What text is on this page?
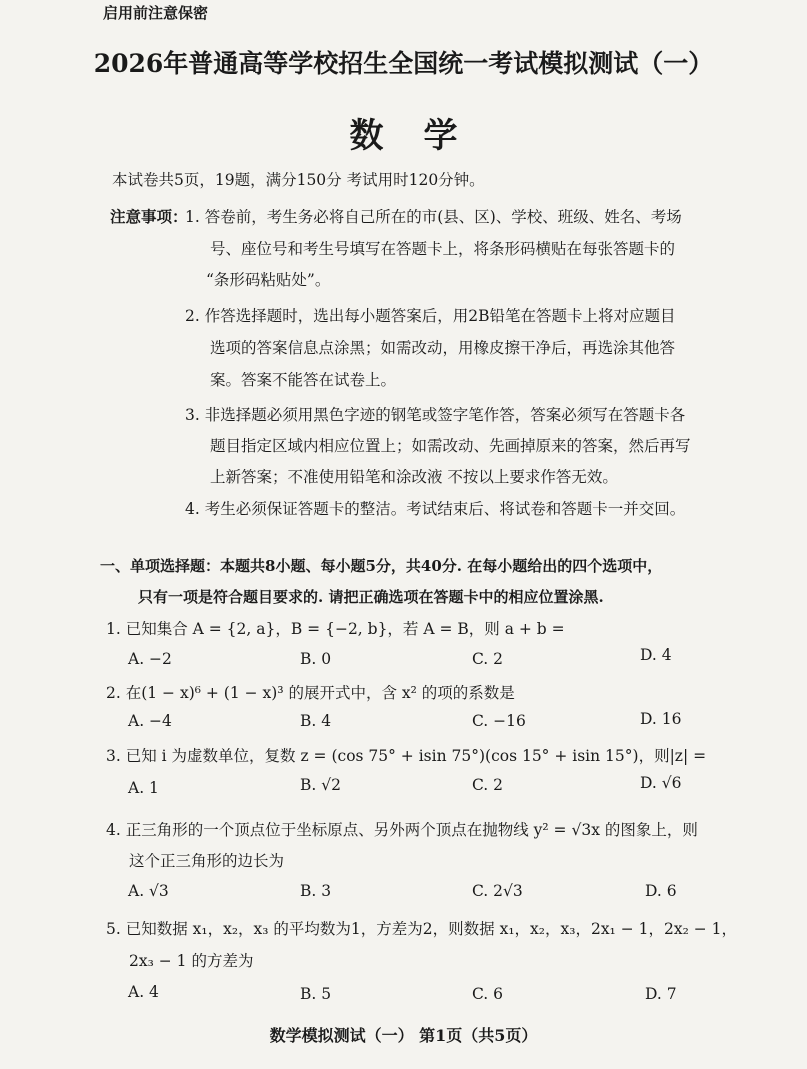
启用前注意保密
2026年普通高等学校招生全国统一考试模拟测试（一）
数学
本试卷共5页，19题，满分150分 考试用时120分钟。
注意事项：
1. 答卷前，考生务必将自己所在的市(县、区)、学校、班级、姓名、考场
号、座位号和考生号填写在答题卡上，将条形码横贴在每张答题卡的
“条形码粘贴处”。
2. 作答选择题时，选出每小题答案后，用2B铅笔在答题卡上将对应题目
选项的答案信息点涂黑；如需改动，用橡皮擦干净后，再选涂其他答
案。答案不能答在试卷上。
3. 非选择题必须用黑色字迹的钢笔或签字笔作答，答案必须写在答题卡各
题目指定区域内相应位置上；如需改动、先画掉原来的答案，然后再写
上新答案；不准使用铅笔和涂改液 不按以上要求作答无效。
4. 考生必须保证答题卡的整洁。考试结束后、将试卷和答题卡一并交回。
一、单项选择题：本题共8小题、每小题5分，共40分. 在每小题给出的四个选项中，
只有一项是符合题目要求的. 请把正确选项在答题卡中的相应位置涂黑.
1. 已知集合 A = {2, a}，B = {−2, b}，若 A = B，则 a + b =
A. −2	B. 0	C. 2	D. 4
2. 在(1 − x)⁶ + (1 − x)³ 的展开式中，含 x² 的项的系数是
A. −4	B. 4	C. −16	D. 16
3. 已知 i 为虚数单位，复数 z = (cos 75° + isin 75°)(cos 15° + isin 15°)，则|z| =
A. 1	B. √2	C. 2	D. √6
4. 正三角形的一个顶点位于坐标原点、另外两个顶点在抛物线 y² = √3x 的图象上，则
这个正三角形的边长为
A. √3	B. 3	C. 2√3	D. 6
5. 已知数据 x₁，x₂，x₃ 的平均数为1，方差为2，则数据 x₁，x₂，x₃，2x₁ − 1，2x₂ − 1，
2x₃ − 1 的方差为
A. 4	B. 5	C. 6	D. 7
数学模拟测试（一） 第1页（共5页）
